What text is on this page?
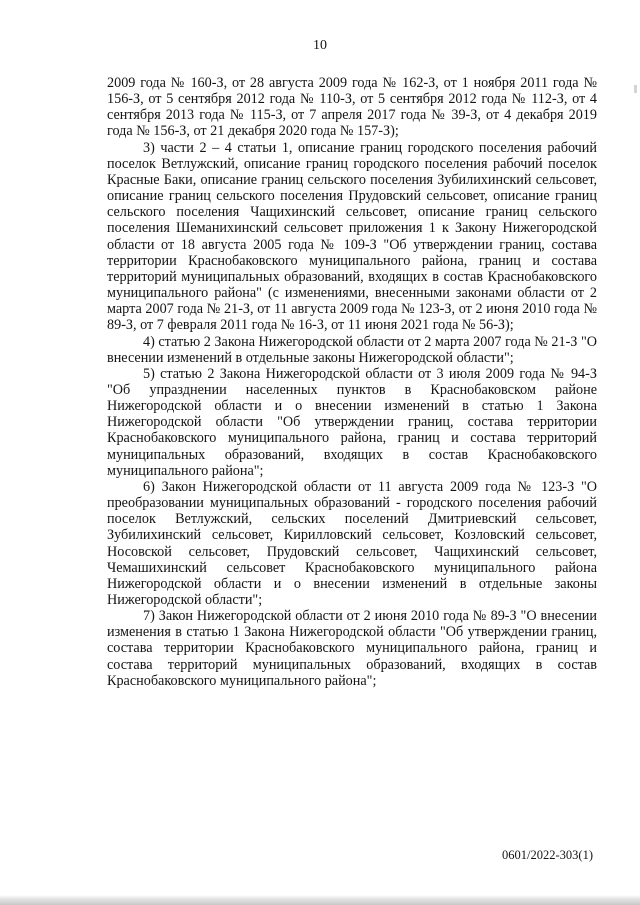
10

2009 года № 160-З, от 28 августа 2009 года № 162-З, от 1 ноября 2011 года № 156-З, от 5 сентября 2012 года № 110-З, от 5 сентября 2012 года № 112-З, от 4 сентября 2013 года № 115-З, от 7 апреля 2017 года № 39-З, от 4 декабря 2019 года № 156-З, от 21 декабря 2020 года № 157-З);

3) части 2 – 4 статьи 1, описание границ городского поселения рабочий поселок Ветлужский, описание границ городского поселения рабочий поселок Красные Баки, описание границ сельского поселения Зубилихинский сельсовет, описание границ сельского поселения Прудовский сельсовет, описание границ сельского поселения Чащихинский сельсовет, описание границ сельского поселения Шеманихинский сельсовет приложения 1 к Закону Нижегородской области от 18 августа 2005 года № 109-З "Об утверждении границ, состава территории Краснобаковского муниципального района, границ и состава территорий муниципальных образований, входящих в состав Краснобаковского муниципального района" (с изменениями, внесенными законами области от 2 марта 2007 года № 21-З, от 11 августа 2009 года № 123-З, от 2 июня 2010 года № 89-З, от 7 февраля 2011 года № 16-З, от 11 июня 2021 года № 56-З);

4) статью 2 Закона Нижегородской области от 2 марта 2007 года № 21-З "О внесении изменений в отдельные законы Нижегородской области";

5) статью 2 Закона Нижегородской области от 3 июля 2009 года № 94-З "Об упразднении населенных пунктов в Краснобаковском районе Нижегородской области и о внесении изменений в статью 1 Закона Нижегородской области "Об утверждении границ, состава территории Краснобаковского муниципального района, границ и состава территорий муниципальных образований, входящих в состав Краснобаковского муниципального района";

6) Закон Нижегородской области от 11 августа 2009 года № 123-З "О преобразовании муниципальных образований - городского поселения рабочий поселок Ветлужский, сельских поселений Дмитриевский сельсовет, Зубилихинский сельсовет, Кирилловский сельсовет, Козловский сельсовет, Носовской сельсовет, Прудовский сельсовет, Чащихинский сельсовет, Чемашихинский сельсовет Краснобаковского муниципального района Нижегородской области и о внесении изменений в отдельные законы Нижегородской области";

7) Закон Нижегородской области от 2 июня 2010 года № 89-З "О внесении изменения в статью 1 Закона Нижегородской области "Об утверждении границ, состава территории Краснобаковского муниципального района, границ и состава территорий муниципальных образований, входящих в состав Краснобаковского муниципального района";

0601/2022-303(1)
